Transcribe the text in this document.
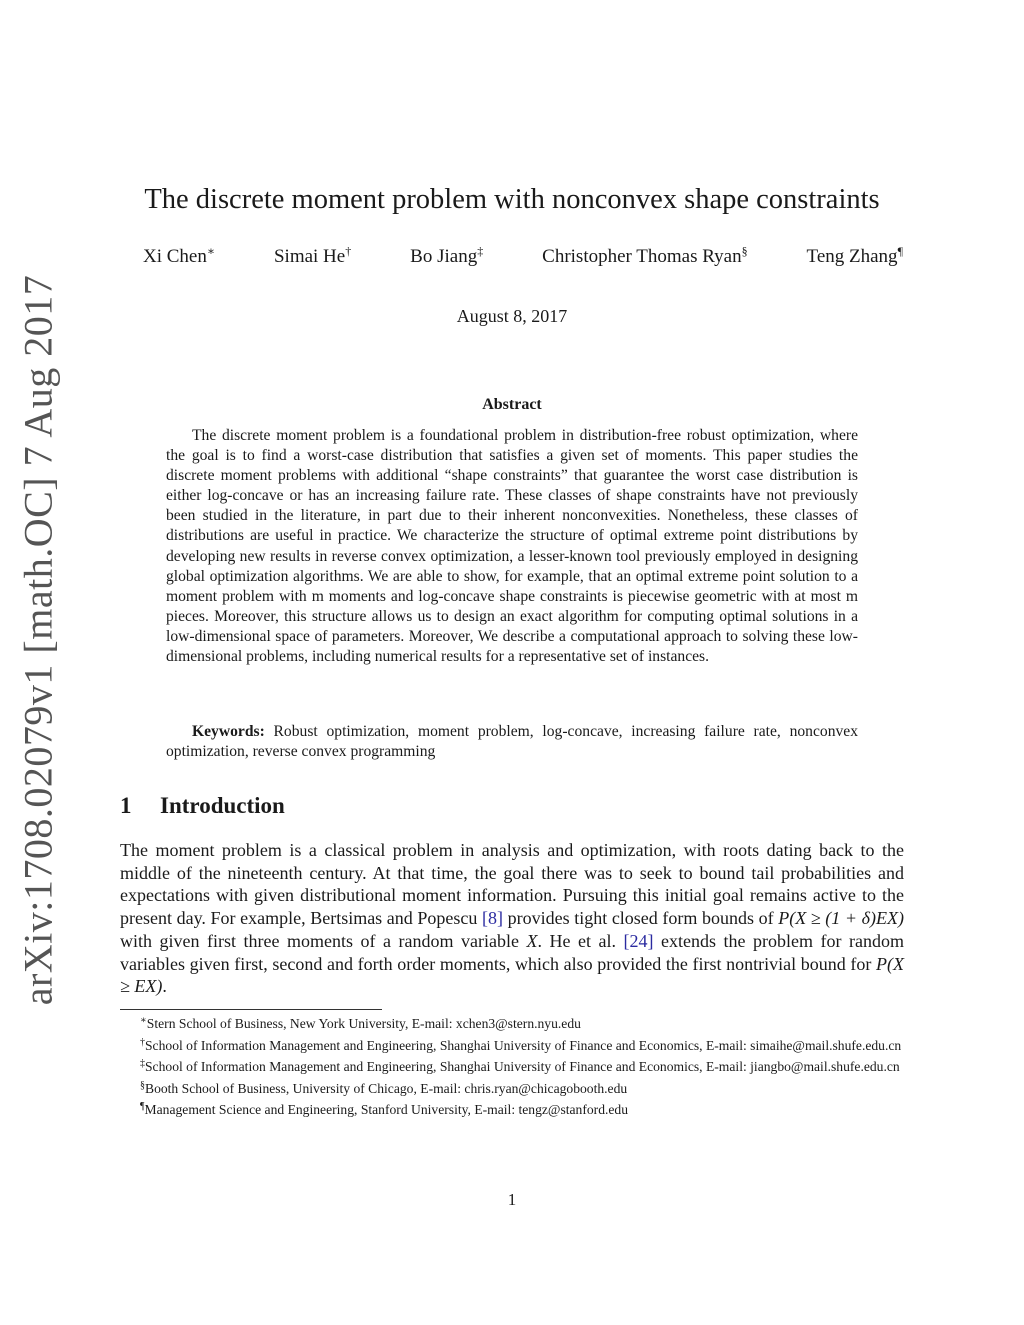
arXiv:1708.02079v1 [math.OC] 7 Aug 2017
The discrete moment problem with nonconvex shape constraints
Xi Chen∗	Simai He†	Bo Jiang‡	Christopher Thomas Ryan§	Teng Zhang¶
August 8, 2017
Abstract

The discrete moment problem is a foundational problem in distribution-free robust optimization, where the goal is to find a worst-case distribution that satisfies a given set of moments. This paper studies the discrete moment problems with additional “shape constraints” that guarantee the worst case distribution is either log-concave or has an increasing failure rate. These classes of shape constraints have not previously been studied in the literature, in part due to their inherent nonconvexities. Nonetheless, these classes of distributions are useful in practice. We characterize the structure of optimal extreme point distributions by developing new results in reverse convex optimization, a lesser-known tool previously employed in designing global optimization algorithms. We are able to show, for example, that an optimal extreme point solution to a moment problem with m moments and log-concave shape constraints is piecewise geometric with at most m pieces. Moreover, this structure allows us to design an exact algorithm for computing optimal solutions in a low-dimensional space of parameters. Moreover, We describe a computational approach to solving these low-dimensional problems, including numerical results for a representative set of instances.

Keywords: Robust optimization, moment problem, log-concave, increasing failure rate, nonconvex optimization, reverse convex programming

1 Introduction

The moment problem is a classical problem in analysis and optimization, with roots dating back to the middle of the nineteenth century. At that time, the goal there was to seek to bound tail probabilities and expectations with given distributional moment information. Pursuing this initial goal remains active to the present day. For example, Bertsimas and Popescu [8] provides tight closed form bounds of P(X ≥ (1 + δ)EX) with given first three moments of a random variable X. He et al. [24] extends the problem for random variables given first, second and forth order moments, which also provided the first nontrivial bound for P(X ≥ EX).

∗Stern School of Business, New York University, E-mail: xchen3@stern.nyu.edu
†School of Information Management and Engineering, Shanghai University of Finance and Economics, E-mail: simaihe@mail.shufe.edu.cn
‡School of Information Management and Engineering, Shanghai University of Finance and Economics, E-mail: jiangbo@mail.shufe.edu.cn
§Booth School of Business, University of Chicago, E-mail: chris.ryan@chicagobooth.edu
¶Management Science and Engineering, Stanford University, E-mail: tengz@stanford.edu
1
